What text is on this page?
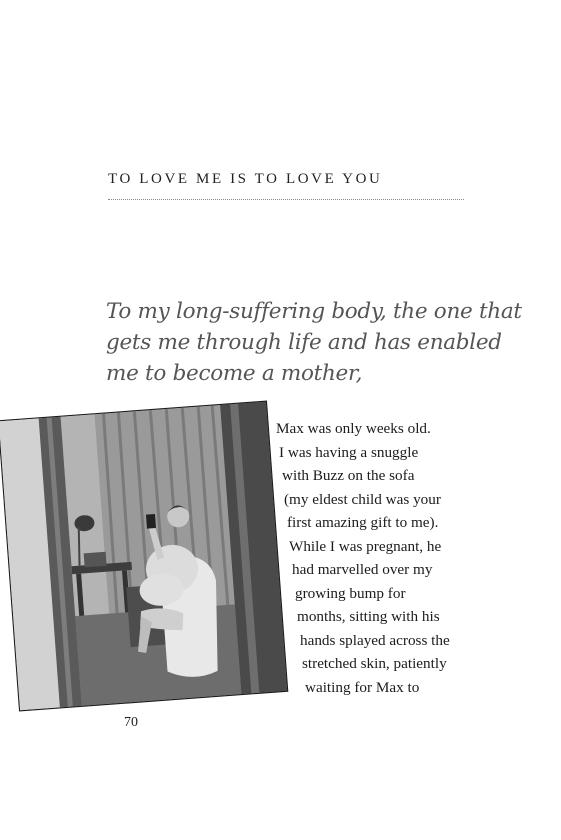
TO LOVE ME IS TO LOVE YOU
To my long-suffering body, the one that
gets me through life and has enabled
me to become a mother,
Max was only weeks old.
I was having a snuggle
with Buzz on the sofa
(my eldest child was your
first amazing gift to me).
While I was pregnant, he
had marvelled over my
growing bump for
months, sitting with his
hands splayed across the
stretched skin, patiently
waiting for Max to
70
